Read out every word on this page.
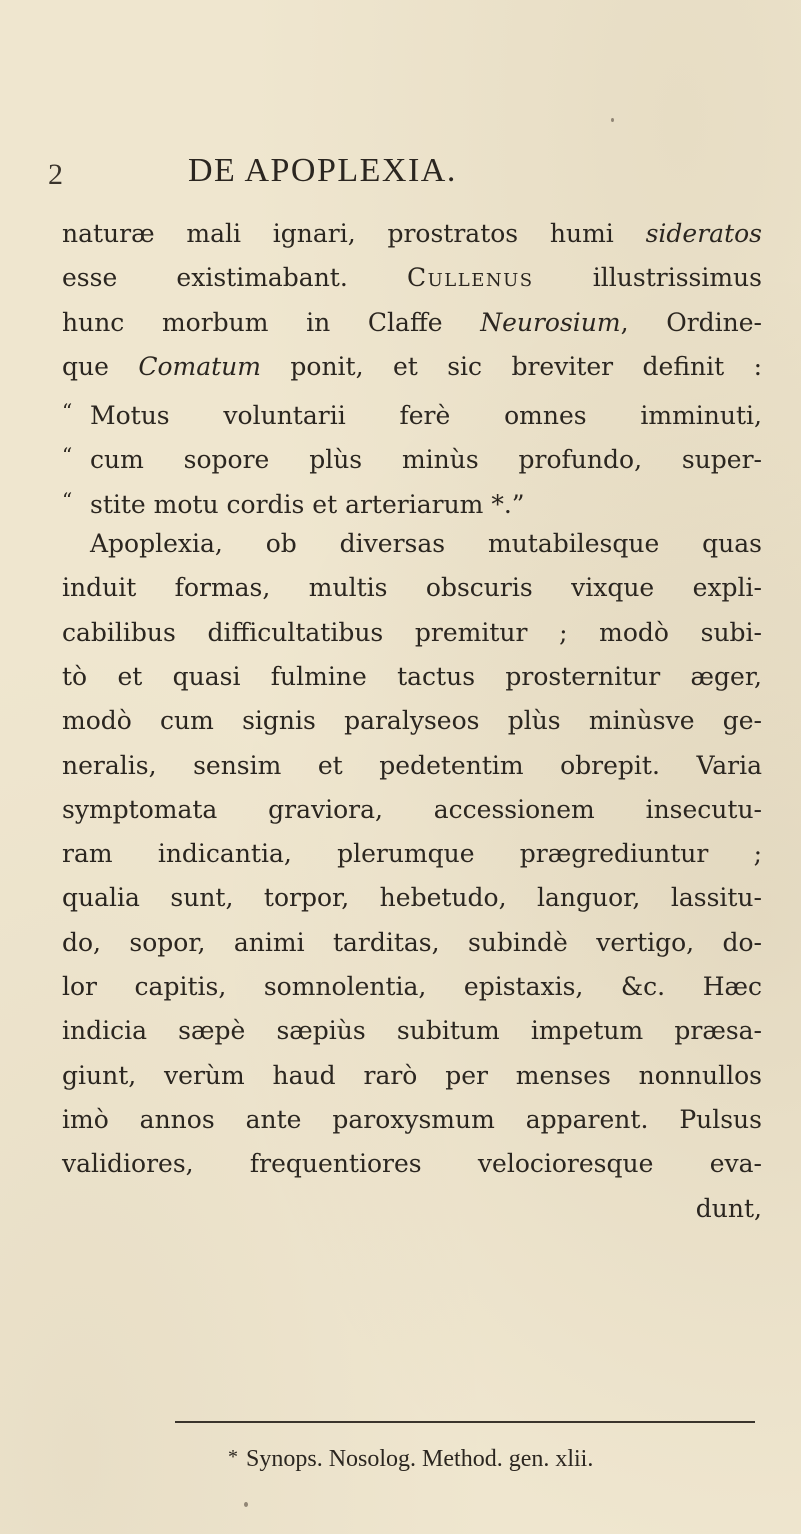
2	DE APOPLEXIA.
naturæ mali ignari, prostratos humi sideratos
esse existimabant. Cullenus illustrissimus
hunc morbum in Claffe Neurosium, Ordine-
que Comatum ponit, et sic breviter definit :
“ Motus voluntarii ferè omnes imminuti,
“ cum sopore plùs minùs profundo, super-
“ stite motu cordis et arteriarum *.”
Apoplexia, ob diversas mutabilesque quas
induit formas, multis obscuris vixque expli-
cabilibus difficultatibus premitur ; modò subi-
tò et quasi fulmine tactus prosternitur æger,
modò cum signis paralyseos plùs minùsve ge-
neralis, sensim et pedetentim obrepit. Varia
symptomata graviora, accessionem insecutu-
ram indicantia, plerumque prægrediuntur ;
qualia sunt, torpor, hebetudo, languor, lassitu-
do, sopor, animi tarditas, subindè vertigo, do-
lor capitis, somnolentia, epistaxis, &c. Hæc
indicia sæpè sæpiùs subitum impetum præsa-
giunt, verùm haud rarò per menses nonnullos
imò annos ante paroxysmum apparent. Pulsus
validiores, frequentiores velocioresque eva-
dunt,
* Synops. Nosolog. Method. gen. xlii.
